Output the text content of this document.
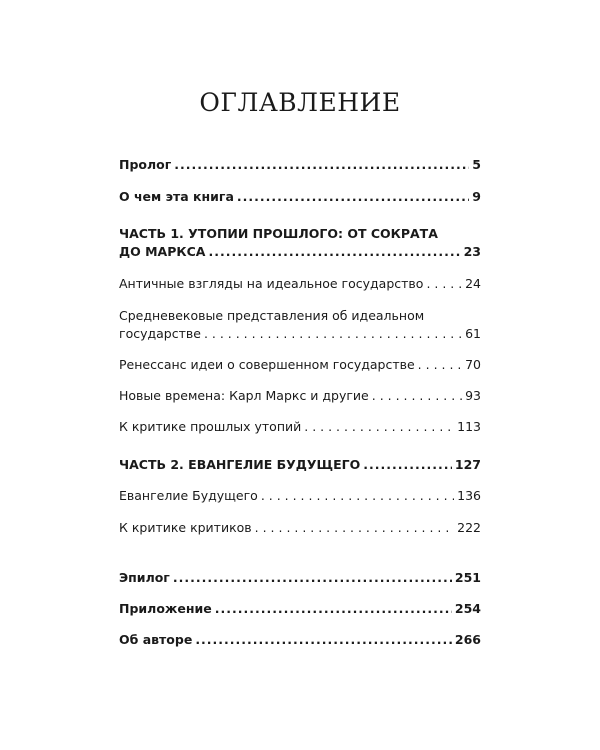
ОГЛАВЛЕНИЕ
Пролог .....	5
О чем эта книга .....	9
ЧАСТЬ 1. УТОПИИ ПРОШЛОГО: ОТ СОКРАТА
ДО МАРКСА .....	23
Античные взгляды на идеальное государство . . .	24
Средневековые представления об идеальном
государстве . . .	61
Ренессанс идеи о совершенном государстве . . .	70
Новые времена: Карл Маркс и другие . . .	93
К критике прошлых утопий . . .	113
ЧАСТЬ 2. ЕВАНГЕЛИЕ БУДУЩЕГО .....	127
Евангелие Будущего . . .	136
К критике критиков . . .	222
Эпилог .....	251
Приложение .....	254
Об авторе .....	266
